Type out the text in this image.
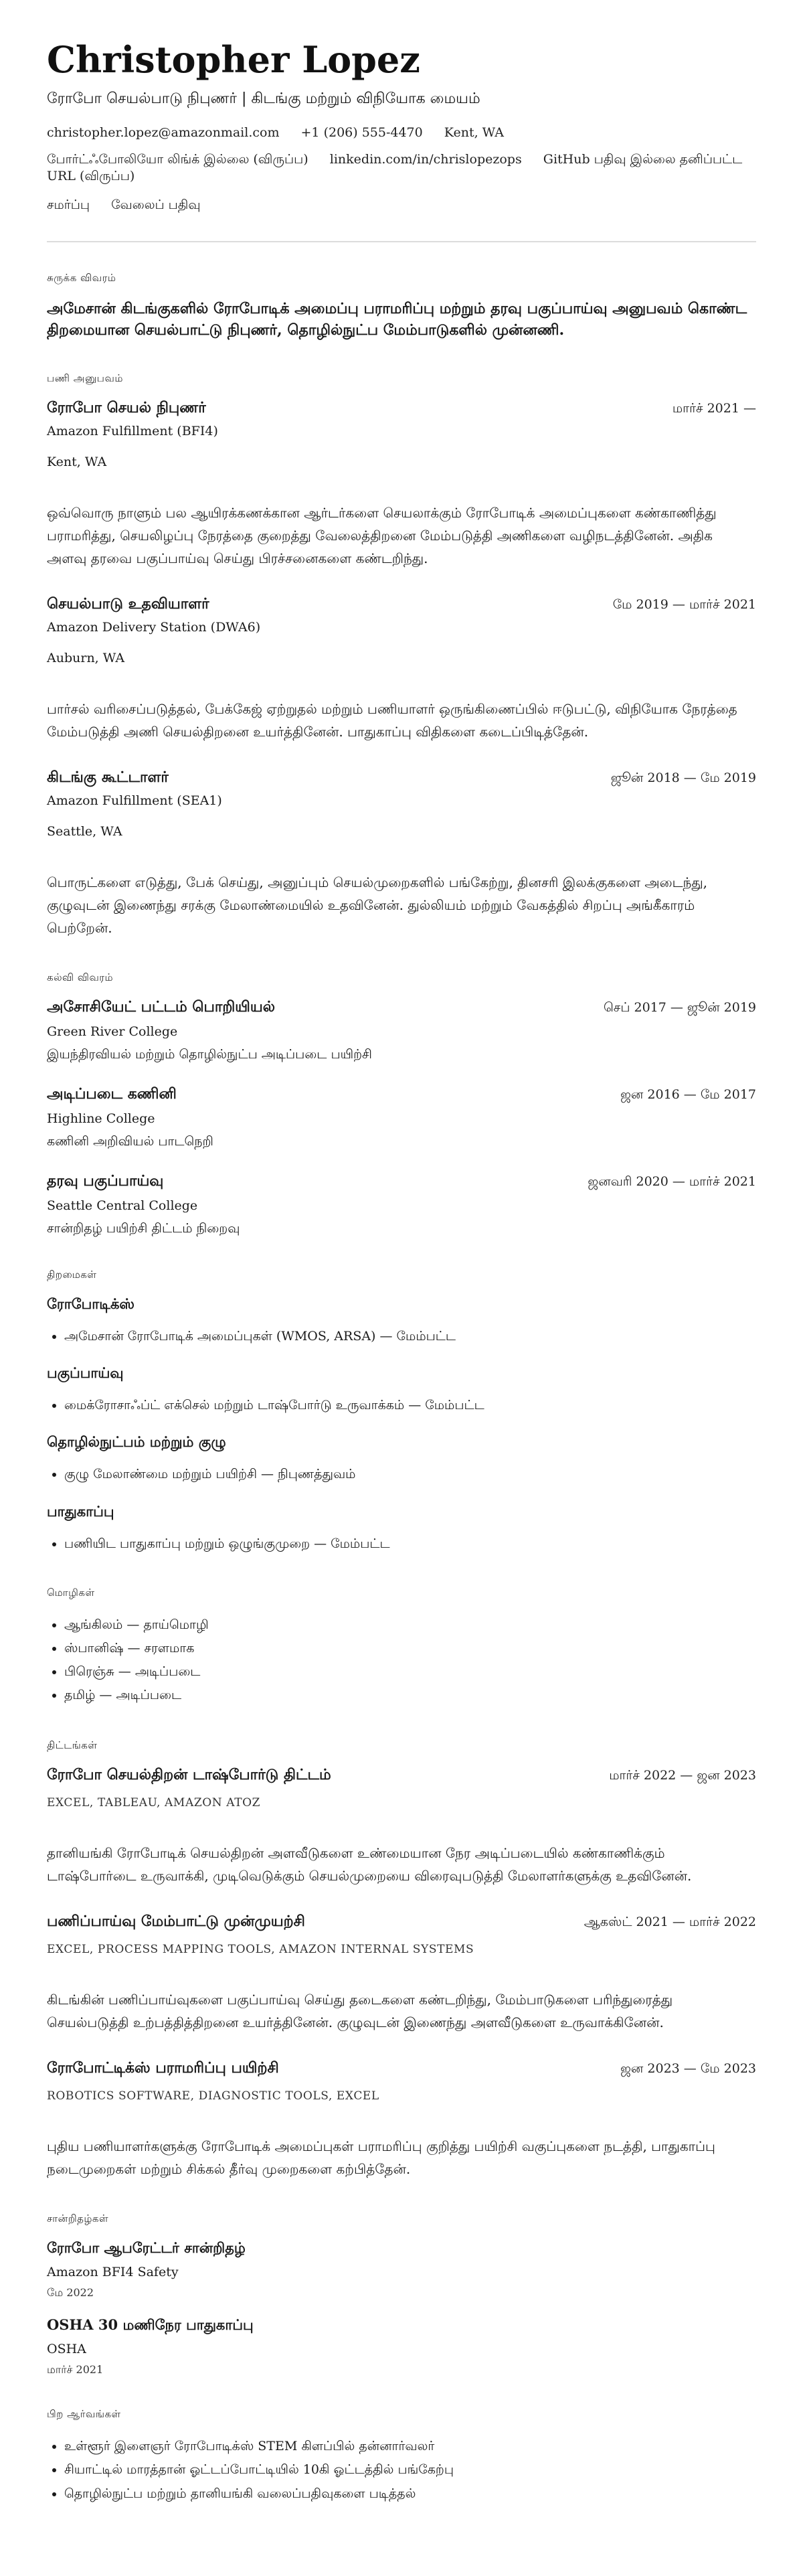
Christopher Lopez
ரோபோ செயல்பாடு நிபுணர் | கிடங்கு மற்றும் விநியோக மையம்
christopher.lopez@amazonmail.com +1 (206) 555-4470 Kent, WA
போர்ட்ஃபோலியோ லிங்க் இல்லை (விருப்ப) linkedin.com/in/chrislopezops GitHub பதிவு இல்லை தனிப்பட்ட URL (விருப்ப)
சமர்ப்பு வேலைப் பதிவு
சுருக்க விவரம்
அமேசான் கிடங்குகளில் ரோபோடிக் அமைப்பு பராமரிப்பு மற்றும் தரவு பகுப்பாய்வு அனுபவம் கொண்ட திறமையான செயல்பாட்டு நிபுணர், தொழில்நுட்ப மேம்பாடுகளில் முன்னணி.
பணி அனுபவம்
ரோபோ செயல் நிபுணர்	மார்ச் 2021 —
Amazon Fulfillment (BFI4)
Kent, WA
ஒவ்வொரு நாளும் பல ஆயிரக்கணக்கான ஆர்டர்களை செயலாக்கும் ரோபோடிக் அமைப்புகளை கண்காணித்து பராமரித்து, செயலிழப்பு நேரத்தை குறைத்து வேலைத்திறனை மேம்படுத்தி அணிகளை வழிநடத்தினேன். அதிக அளவு தரவை பகுப்பாய்வு செய்து பிரச்சனைகளை கண்டறிந்து.
செயல்பாடு உதவியாளர்	மே 2019 — மார்ச் 2021
Amazon Delivery Station (DWA6)
Auburn, WA
பார்சல் வரிசைப்படுத்தல், பேக்கேஜ் ஏற்றுதல் மற்றும் பணியாளர் ஒருங்கிணைப்பில் ஈடுபட்டு, விநியோக நேரத்தை மேம்படுத்தி அணி செயல்திறனை உயர்த்தினேன். பாதுகாப்பு விதிகளை கடைப்பிடித்தேன்.
கிடங்கு கூட்டாளர்	ஜூன் 2018 — மே 2019
Amazon Fulfillment (SEA1)
Seattle, WA
பொருட்களை எடுத்து, பேக் செய்து, அனுப்பும் செயல்முறைகளில் பங்கேற்று, தினசரி இலக்குகளை அடைந்து, குழுவுடன் இணைந்து சரக்கு மேலாண்மையில் உதவினேன். துல்லியம் மற்றும் வேகத்தில் சிறப்பு அங்கீகாரம் பெற்றேன்.
கல்வி விவரம்
அசோசியேட் பட்டம் பொறியியல்	செப் 2017 — ஜூன் 2019
Green River College
இயந்திரவியல் மற்றும் தொழில்நுட்ப அடிப்படை பயிற்சி
அடிப்படை கணினி	ஜன 2016 — மே 2017
Highline College
கணினி அறிவியல் பாடநெறி
தரவு பகுப்பாய்வு	ஜனவரி 2020 — மார்ச் 2021
Seattle Central College
சான்றிதழ் பயிற்சி திட்டம் நிறைவு
திறமைகள்
ரோபோடிக்ஸ்
• அமேசான் ரோபோடிக் அமைப்புகள் (WMOS, ARSA) — மேம்பட்ட
பகுப்பாய்வு
• மைக்ரோசாஃப்ட் எக்செல் மற்றும் டாஷ்போர்டு உருவாக்கம் — மேம்பட்ட
தொழில்நுட்பம் மற்றும் குழு
• குழு மேலாண்மை மற்றும் பயிற்சி — நிபுணத்துவம்
பாதுகாப்பு
• பணியிட பாதுகாப்பு மற்றும் ஒழுங்குமுறை — மேம்பட்ட
மொழிகள்
• ஆங்கிலம் — தாய்மொழி
• ஸ்பானிஷ் — சரளமாக
• பிரெஞ்சு — அடிப்படை
• தமிழ் — அடிப்படை
திட்டங்கள்
ரோபோ செயல்திறன் டாஷ்போர்டு திட்டம்	மார்ச் 2022 — ஜன 2023
EXCEL, TABLEAU, AMAZON ATOZ
தானியங்கி ரோபோடிக் செயல்திறன் அளவீடுகளை உண்மையான நேர அடிப்படையில் கண்காணிக்கும் டாஷ்போர்டை உருவாக்கி, முடிவெடுக்கும் செயல்முறையை விரைவுபடுத்தி மேலாளர்களுக்கு உதவினேன்.
பணிப்பாய்வு மேம்பாட்டு முன்முயற்சி	ஆகஸ்ட் 2021 — மார்ச் 2022
EXCEL, PROCESS MAPPING TOOLS, AMAZON INTERNAL SYSTEMS
கிடங்கின் பணிப்பாய்வுகளை பகுப்பாய்வு செய்து தடைகளை கண்டறிந்து, மேம்பாடுகளை பரிந்துரைத்து செயல்படுத்தி உற்பத்தித்திறனை உயர்த்தினேன். குழுவுடன் இணைந்து அளவீடுகளை உருவாக்கினேன்.
ரோபோட்டிக்ஸ் பராமரிப்பு பயிற்சி	ஜன 2023 — மே 2023
ROBOTICS SOFTWARE, DIAGNOSTIC TOOLS, EXCEL
புதிய பணியாளர்களுக்கு ரோபோடிக் அமைப்புகள் பராமரிப்பு குறித்து பயிற்சி வகுப்புகளை நடத்தி, பாதுகாப்பு நடைமுறைகள் மற்றும் சிக்கல் தீர்வு முறைகளை கற்பித்தேன்.
சான்றிதழ்கள்
ரோபோ ஆபரேட்டர் சான்றிதழ்
Amazon BFI4 Safety
மே 2022
OSHA 30 மணிநேர பாதுகாப்பு
OSHA
மார்ச் 2021
பிற ஆர்வங்கள்
• உள்ளூர் இளைஞர் ரோபோடிக்ஸ் STEM கிளப்பில் தன்னார்வலர்
• சியாட்டில் மாரத்தான் ஓட்டப்போட்டியில் 10கி ஓட்டத்தில் பங்கேற்பு
• தொழில்நுட்ப மற்றும் தானியங்கி வலைப்பதிவுகளை படித்தல்
